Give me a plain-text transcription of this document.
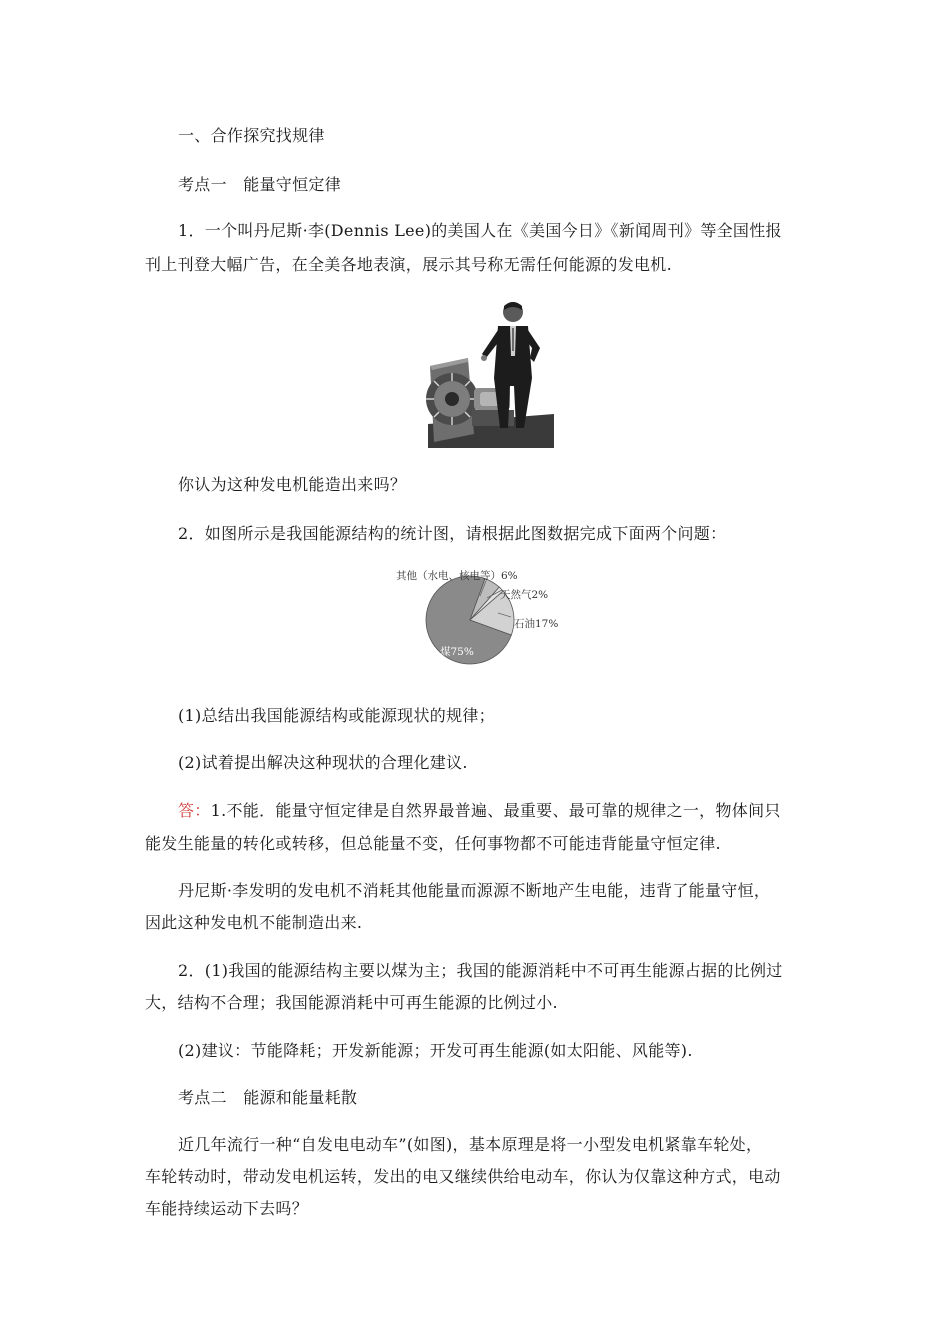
一、合作探究找规律
考点一　能量守恒定律
1．一个叫丹尼斯·李(Dennis Lee)的美国人在《美国今日》《新闻周刊》等全国性报
刊上刊登大幅广告，在全美各地表演，展示其号称无需任何能源的发电机.
你认为这种发电机能造出来吗？
2．如图所示是我国能源结构的统计图，请根据此图数据完成下面两个问题：
其他（水电、核电等）6%
天然气2%
石油17%
煤75%
(1)总结出我国能源结构或能源现状的规律；
(2)试着提出解决这种现状的合理化建议.
答：1.不能．能量守恒定律是自然界最普遍、最重要、最可靠的规律之一，物体间只
能发生能量的转化或转移，但总能量不变，任何事物都不可能违背能量守恒定律.
丹尼斯·李发明的发电机不消耗其他能量而源源不断地产生电能，违背了能量守恒，
因此这种发电机不能制造出来.
2．(1)我国的能源结构主要以煤为主；我国的能源消耗中不可再生能源占据的比例过
大，结构不合理；我国能源消耗中可再生能源的比例过小.
(2)建议：节能降耗；开发新能源；开发可再生能源(如太阳能、风能等).
考点二　能源和能量耗散
近几年流行一种“自发电电动车”(如图)，基本原理是将一小型发电机紧靠车轮处，
车轮转动时，带动发电机运转，发出的电又继续供给电动车，你认为仅靠这种方式，电动
车能持续运动下去吗？
